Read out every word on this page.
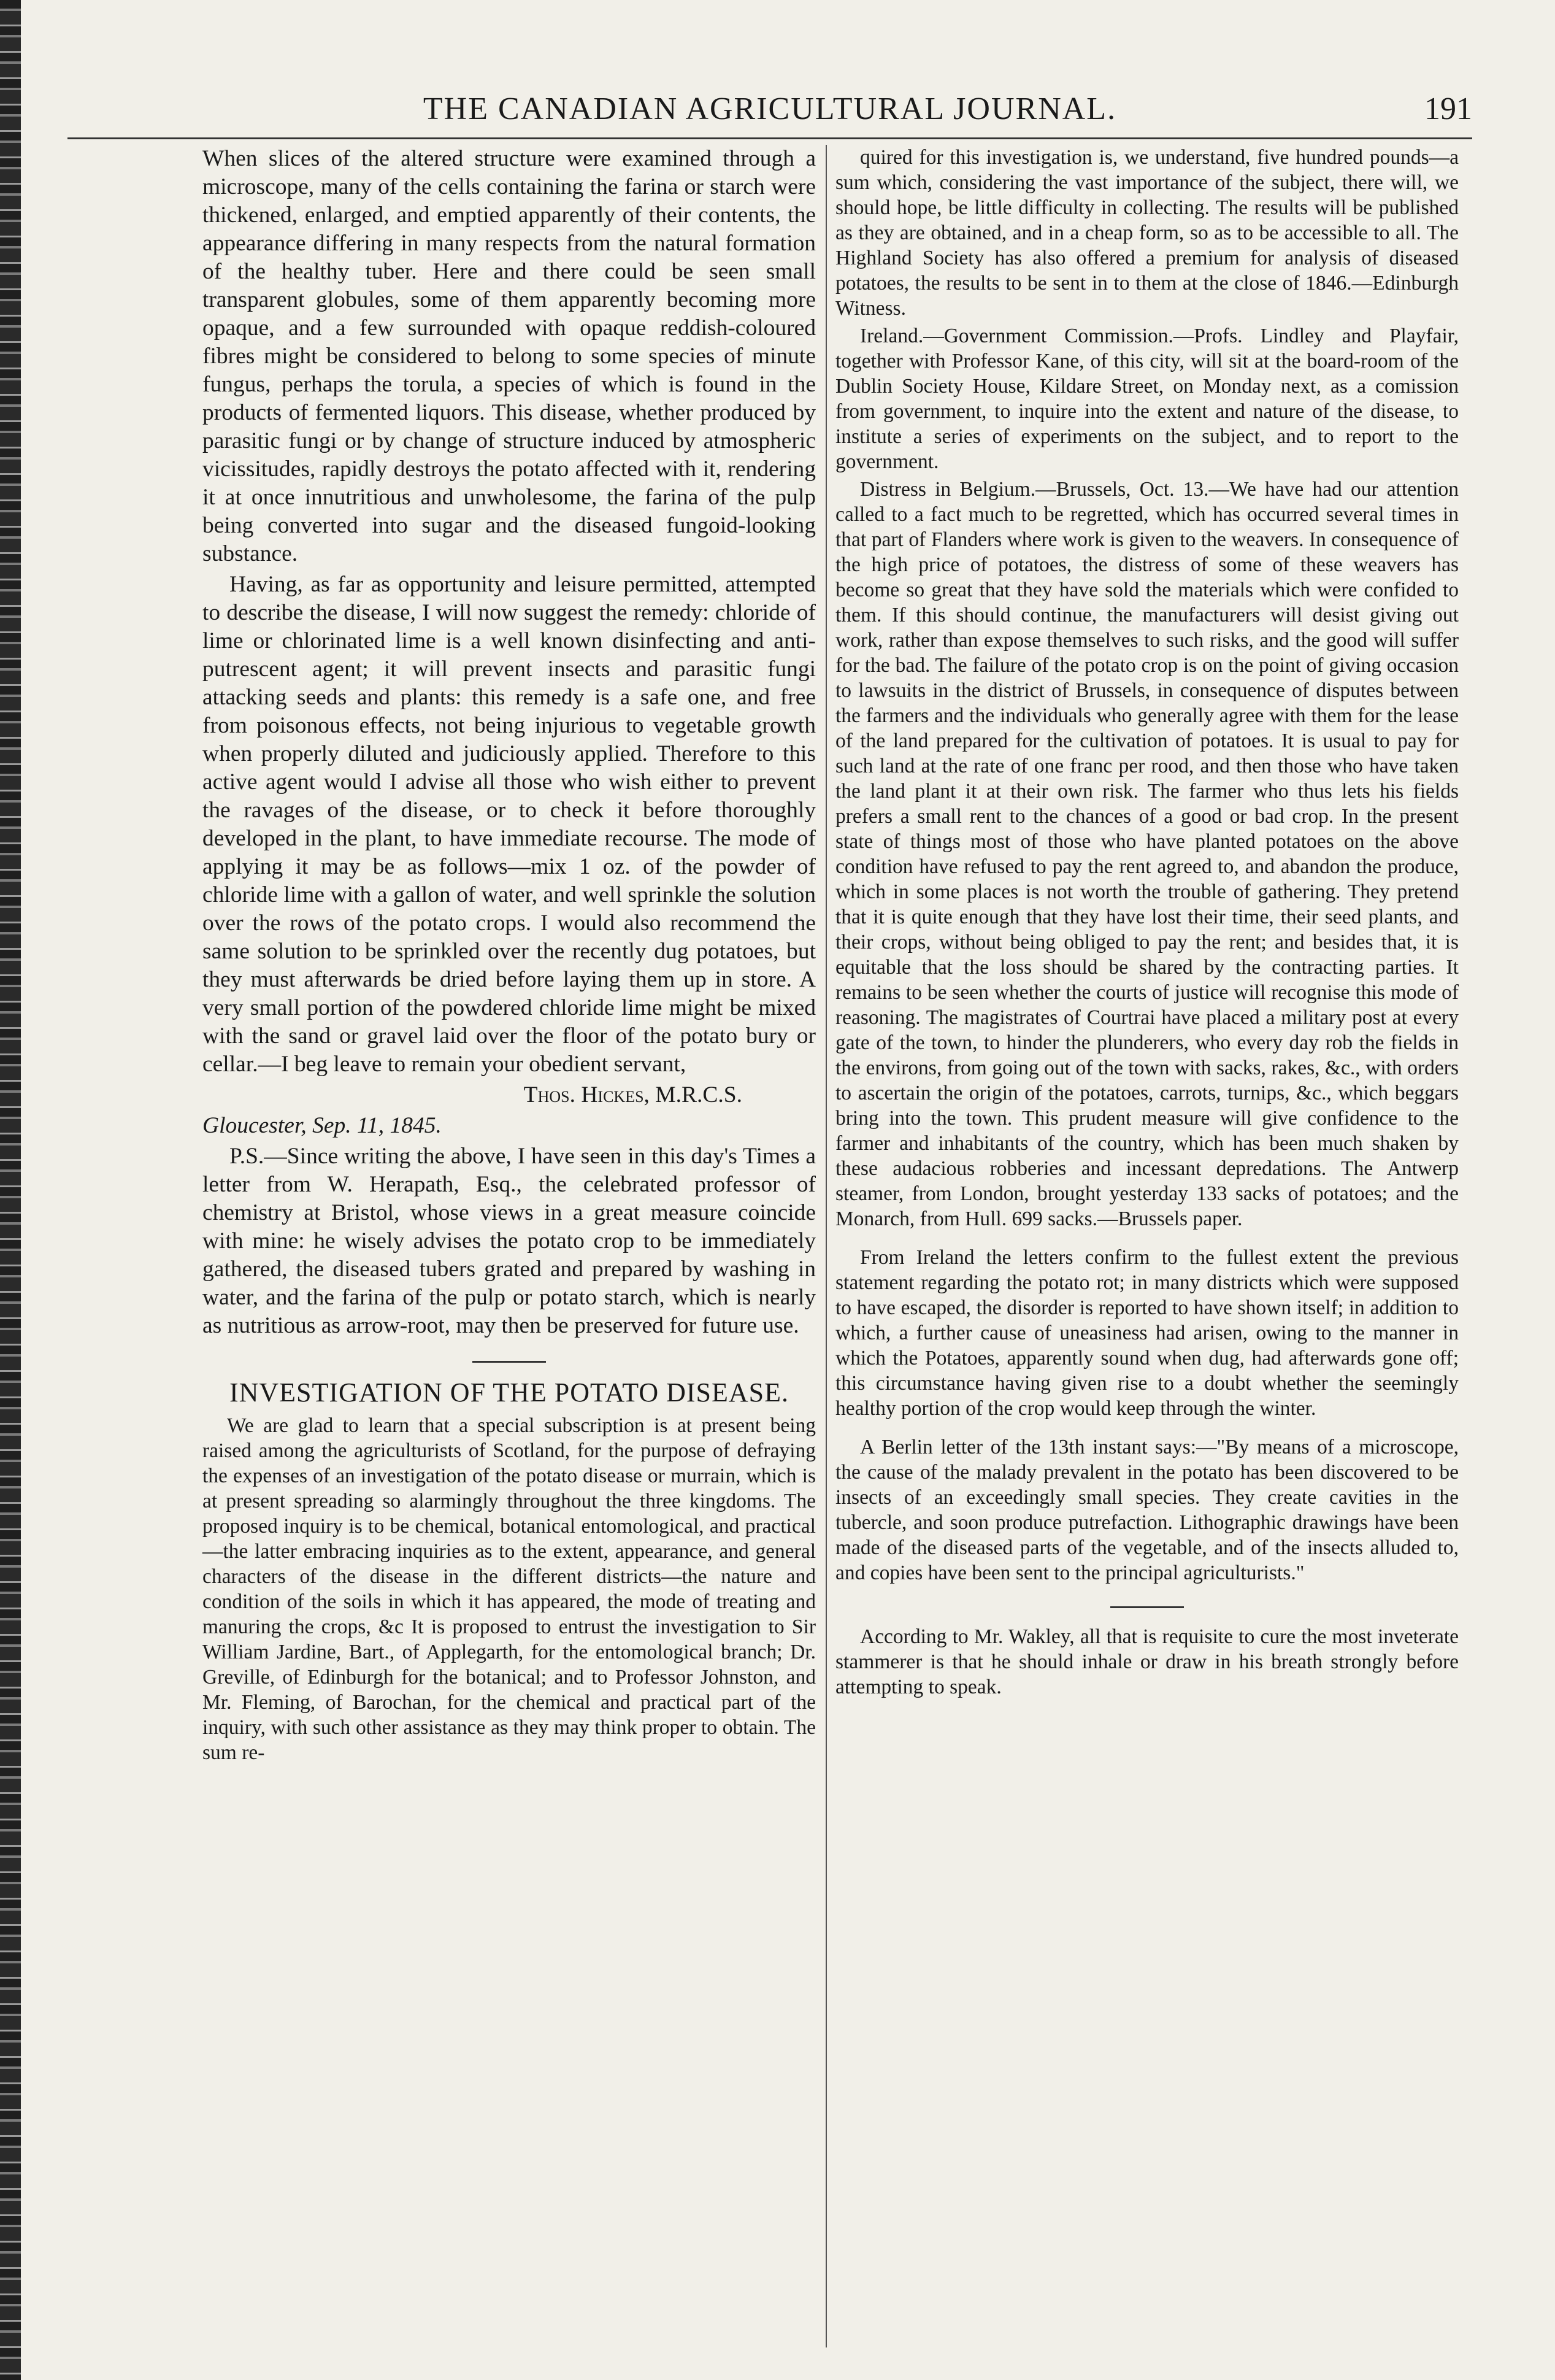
THE CANADIAN AGRICULTURAL JOURNAL.	191

When slices of the altered structure were examined through a microscope, many of the cells containing the farina or starch were thickened, enlarged, and emptied apparently of their contents, the appearance differing in many respects from the natural formation of the healthy tuber. Here and there could be seen small transparent globules, some of them apparently becoming more opaque, and a few surrounded with opaque reddish-coloured fibres might be considered to belong to some species of minute fungus, perhaps the torula, a species of which is found in the products of fermented liquors. This disease, whether produced by parasitic fungi or by change of structure induced by atmospheric vicissitudes, rapidly destroys the potato affected with it, rendering it at once innutritious and unwholesome, the farina of the pulp being converted into sugar and the diseased fungoid-looking substance.

Having, as far as opportunity and leisure permitted, attempted to describe the disease, I will now suggest the remedy: chloride of lime or chlorinated lime is a well known disinfecting and anti-putrescent agent; it will prevent insects and parasitic fungi attacking seeds and plants: this remedy is a safe one, and free from poisonous effects, not being injurious to vegetable growth when properly diluted and judiciously applied. Therefore to this active agent would I advise all those who wish either to prevent the ravages of the disease, or to check it before thoroughly developed in the plant, to have immediate recourse. The mode of applying it may be as follows—mix 1 oz. of the powder of chloride lime with a gallon of water, and well sprinkle the solution over the rows of the potato crops. I would also recommend the same solution to be sprinkled over the recently dug potatoes, but they must afterwards be dried before laying them up in store. A very small portion of the powdered chloride lime might be mixed with the sand or gravel laid over the floor of the potato bury or cellar.—I beg leave to remain your obedient servant,

Thos. Hickes, M.R.C.S.

Gloucester, Sep. 11, 1845.

P.S.—Since writing the above, I have seen in this day's Times a letter from W. Herapath, Esq., the celebrated professor of chemistry at Bristol, whose views in a great measure coincide with mine: he wisely advises the potato crop to be immediately gathered, the diseased tubers grated and prepared by washing in water, and the farina of the pulp or potato starch, which is nearly as nutritious as arrow-root, may then be preserved for future use.

INVESTIGATION OF THE POTATO DISEASE.

We are glad to learn that a special subscription is at present being raised among the agriculturists of Scotland, for the purpose of defraying the expenses of an investigation of the potato disease or murrain, which is at present spreading so alarmingly throughout the three kingdoms. The proposed inquiry is to be chemical, botanical entomological, and practical—the latter embracing inquiries as to the extent, appearance, and general characters of the disease in the different districts—the nature and condition of the soils in which it has appeared, the mode of treating and manuring the crops, &c It is proposed to entrust the investigation to Sir William Jardine, Bart., of Applegarth, for the entomological branch; Dr. Greville, of Edinburgh for the botanical; and to Professor Johnston, and Mr. Fleming, of Barochan, for the chemical and practical part of the inquiry, with such other assistance as they may think proper to obtain. The sum re-

quired for this investigation is, we understand, five hundred pounds—a sum which, considering the vast importance of the subject, there will, we should hope, be little difficulty in collecting. The results will be published as they are obtained, and in a cheap form, so as to be accessible to all. The Highland Society has also offered a premium for analysis of diseased potatoes, the results to be sent in to them at the close of 1846.—Edinburgh Witness.

Ireland.—Government Commission.—Profs. Lindley and Playfair, together with Professor Kane, of this city, will sit at the board-room of the Dublin Society House, Kildare Street, on Monday next, as a comission from government, to inquire into the extent and nature of the disease, to institute a series of experiments on the subject, and to report to the government.

Distress in Belgium.—Brussels, Oct. 13.—We have had our attention called to a fact much to be regretted, which has occurred several times in that part of Flanders where work is given to the weavers. In consequence of the high price of potatoes, the distress of some of these weavers has become so great that they have sold the materials which were confided to them. If this should continue, the manufacturers will desist giving out work, rather than expose themselves to such risks, and the good will suffer for the bad. The failure of the potato crop is on the point of giving occasion to lawsuits in the district of Brussels, in consequence of disputes between the farmers and the individuals who generally agree with them for the lease of the land prepared for the cultivation of potatoes. It is usual to pay for such land at the rate of one franc per rood, and then those who have taken the land plant it at their own risk. The farmer who thus lets his fields prefers a small rent to the chances of a good or bad crop. In the present state of things most of those who have planted potatoes on the above condition have refused to pay the rent agreed to, and abandon the produce, which in some places is not worth the trouble of gathering. They pretend that it is quite enough that they have lost their time, their seed plants, and their crops, without being obliged to pay the rent; and besides that, it is equitable that the loss should be shared by the contracting parties. It remains to be seen whether the courts of justice will recognise this mode of reasoning. The magistrates of Courtrai have placed a military post at every gate of the town, to hinder the plunderers, who every day rob the fields in the environs, from going out of the town with sacks, rakes, &c., with orders to ascertain the origin of the potatoes, carrots, turnips, &c., which beggars bring into the town. This prudent measure will give confidence to the farmer and inhabitants of the country, which has been much shaken by these audacious robberies and incessant depredations. The Antwerp steamer, from London, brought yesterday 133 sacks of potatoes; and the Monarch, from Hull. 699 sacks.—Brussels paper.

From Ireland the letters confirm to the fullest extent the previous statement regarding the potato rot; in many districts which were supposed to have escaped, the disorder is reported to have shown itself; in addition to which, a further cause of uneasiness had arisen, owing to the manner in which the Potatoes, apparently sound when dug, had afterwards gone off; this circumstance having given rise to a doubt whether the seemingly healthy portion of the crop would keep through the winter.

A Berlin letter of the 13th instant says:—"By means of a microscope, the cause of the malady prevalent in the potato has been discovered to be insects of an exceedingly small species. They create cavities in the tubercle, and soon produce putrefaction. Lithographic drawings have been made of the diseased parts of the vegetable, and of the insects alluded to, and copies have been sent to the principal agriculturists."

According to Mr. Wakley, all that is requisite to cure the most inveterate stammerer is that he should inhale or draw in his breath strongly before attempting to speak.
